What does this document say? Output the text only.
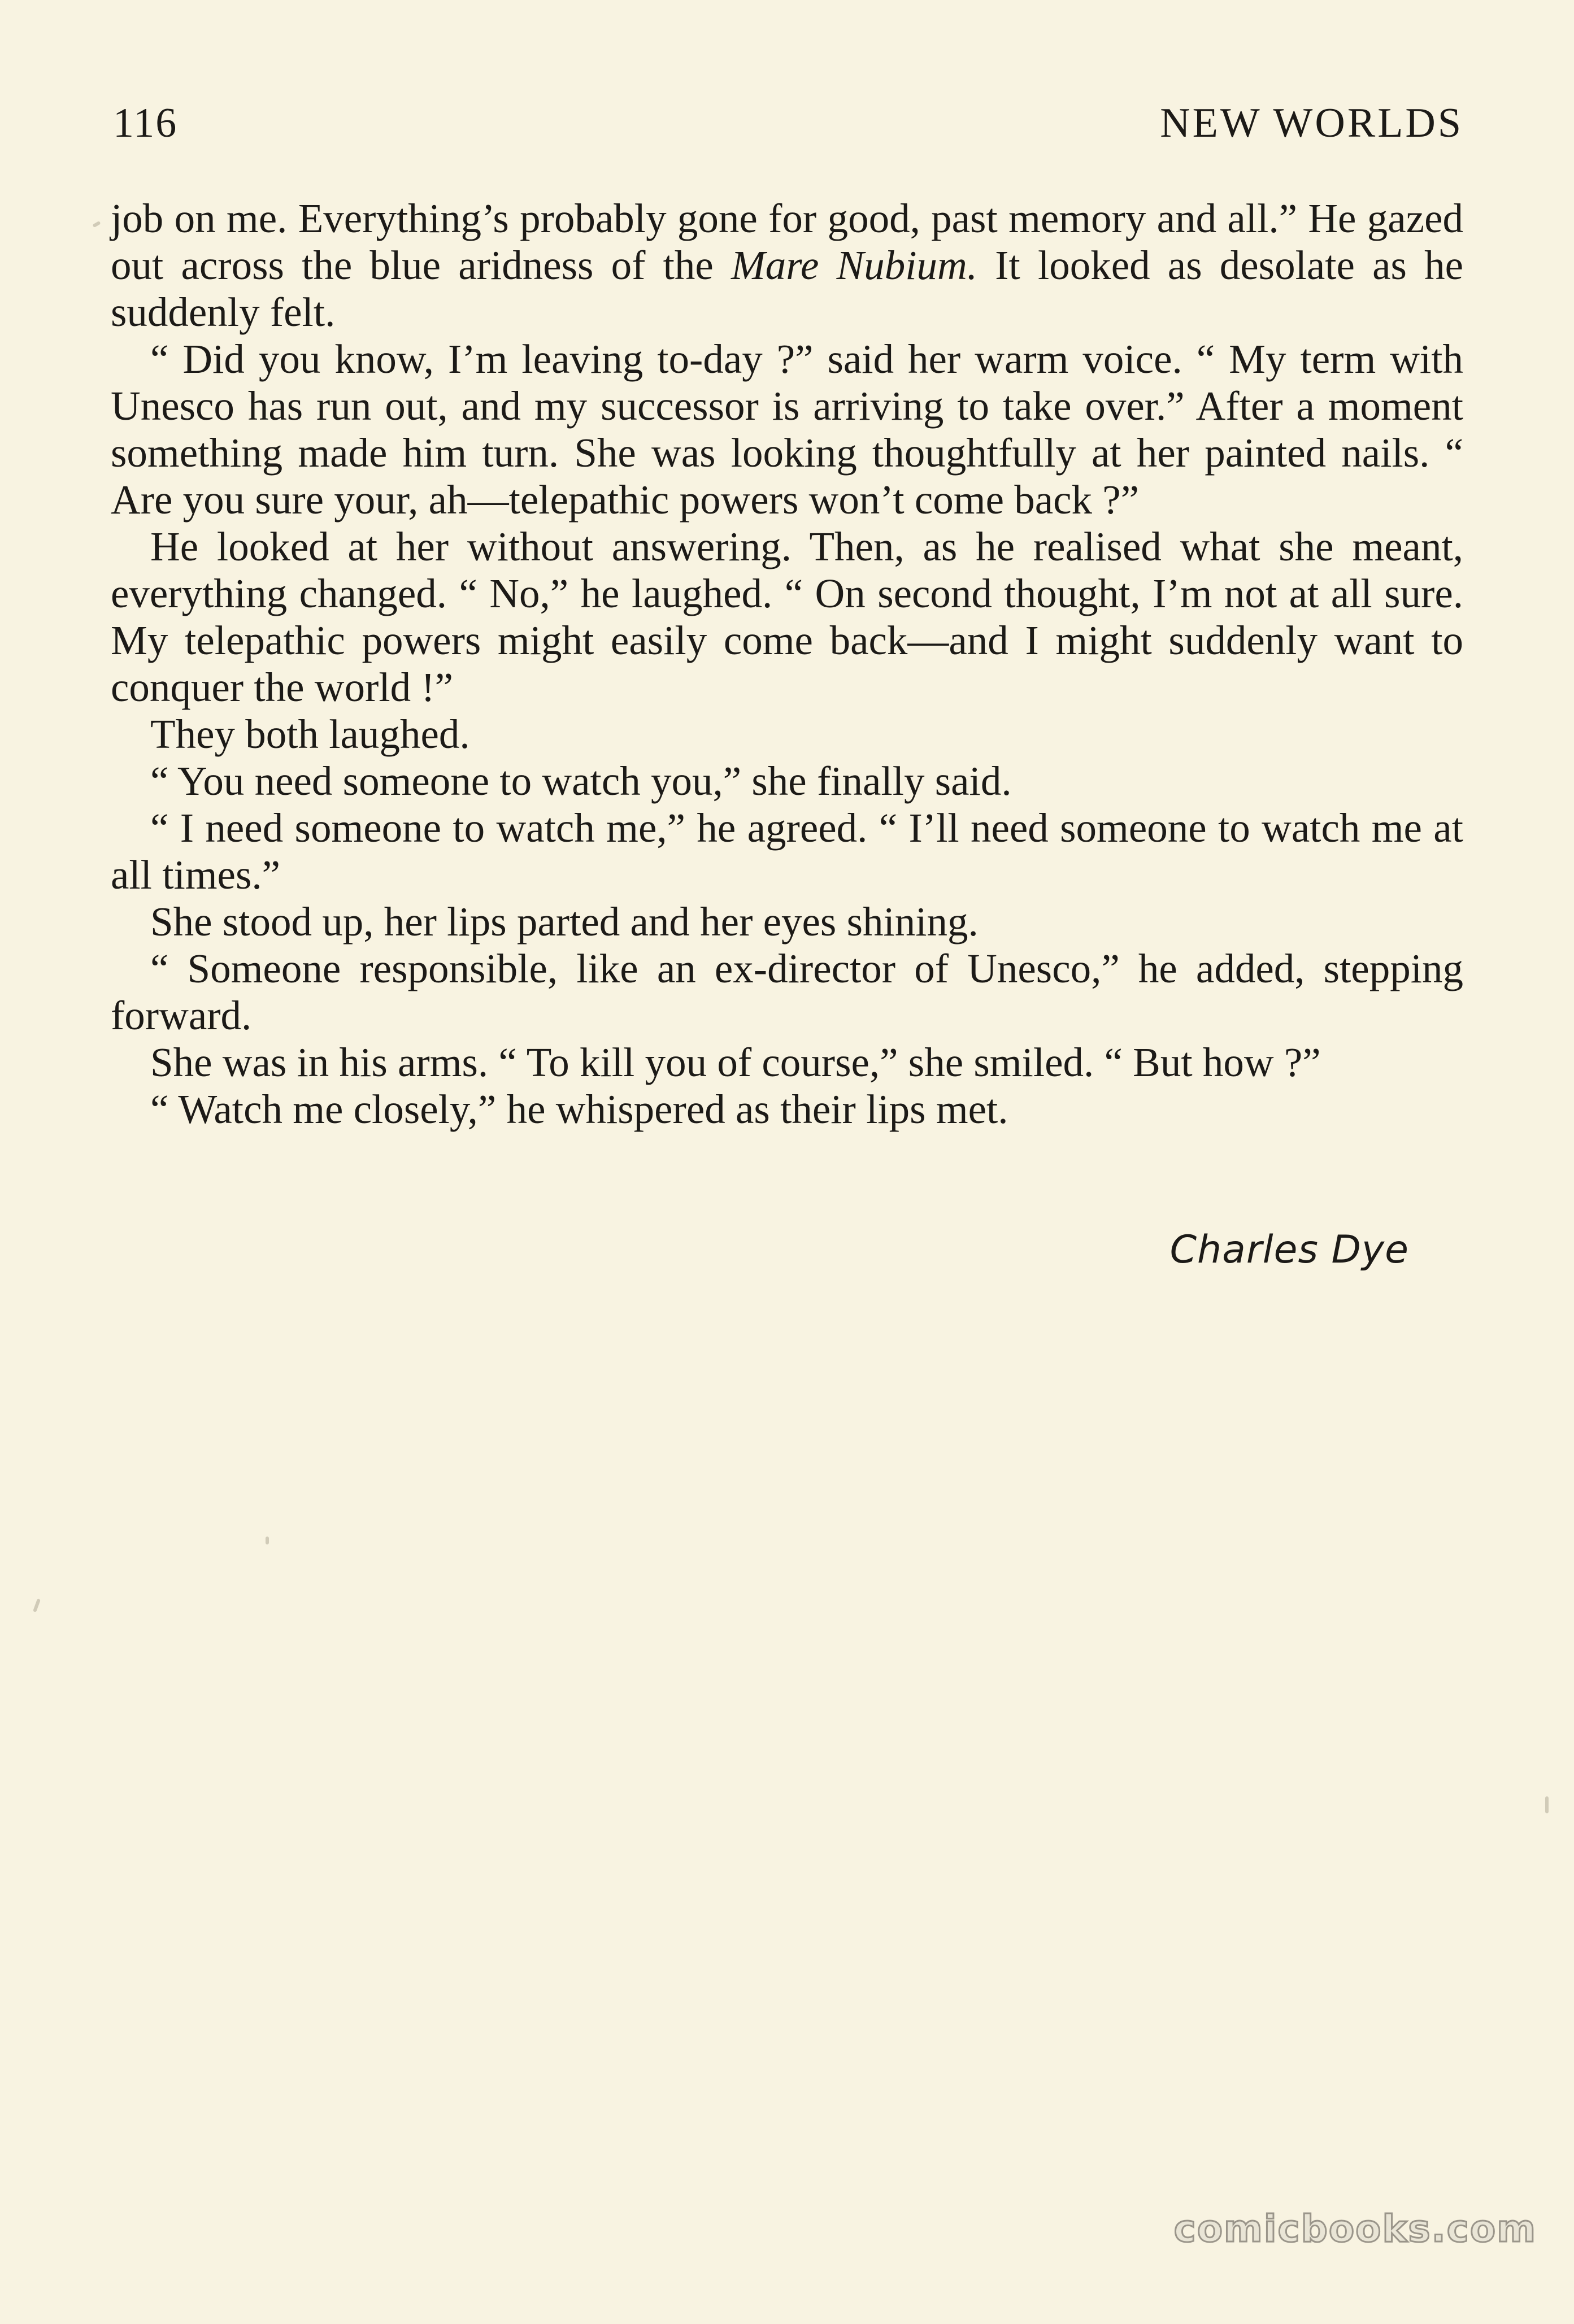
116	NEW WORLDS

job on me. Everything’s probably gone for good, past memory and all.” He gazed out across the blue aridness of the Mare Nubium. It looked as desolate as he suddenly felt.

“ Did you know, I’m leaving to-day ?” said her warm voice. “ My term with Unesco has run out, and my successor is arriving to take over.” After a moment something made him turn. She was looking thoughtfully at her painted nails. “ Are you sure your, ah—telepathic powers won’t come back ?”

He looked at her without answering. Then, as he realised what she meant, everything changed. “ No,” he laughed. “ On second thought, I’m not at all sure. My telepathic powers might easily come back—and I might suddenly want to conquer the world !”

They both laughed.

“ You need someone to watch you,” she finally said.

“ I need someone to watch me,” he agreed. “ I’ll need someone to watch me at all times.”

She stood up, her lips parted and her eyes shining.

“ Someone responsible, like an ex-director of Unesco,” he added, stepping forward.

She was in his arms. “ To kill you of course,” she smiled. “ But how ?”

“ Watch me closely,” he whispered as their lips met.

Charles Dye
comicbooks.com
